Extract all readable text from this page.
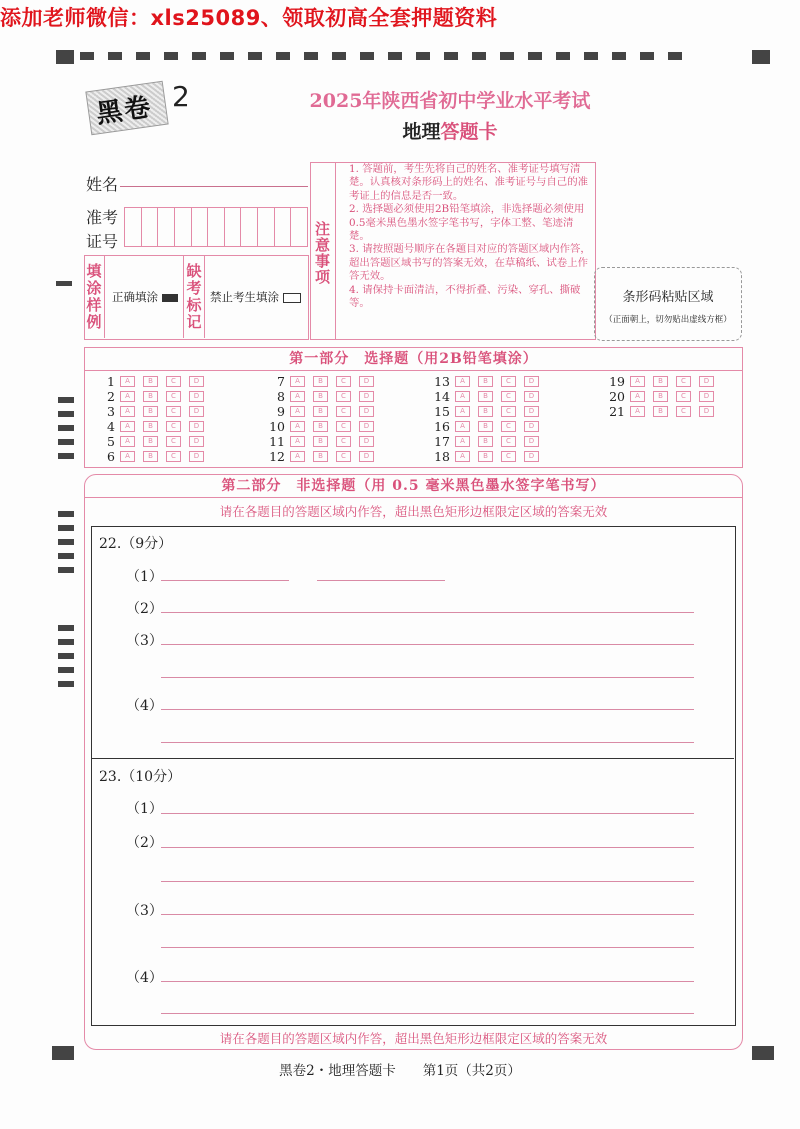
添加老师微信：xls25089、领取初高全套押题资料
黑卷 2	2025年陕西省初中学业水平考试
地理答题卡
姓名
准考
证号
填
涂
样
例
正确填涂
缺
考
标
记
禁止考生填涂
注
意
事
项
1. 答题前，考生先将自己的姓名、准考证号填写清楚。认真核对条形码上的姓名、准考证号与自己的准考证上的信息是否一致。
2. 选择题必须使用2B铅笔填涂，非选择题必须使用0.5毫米黑色墨水签字笔书写，字体工整、笔迹清楚。
3. 请按照题号顺序在各题目对应的答题区域内作答，超出答题区域书写的答案无效，在草稿纸、试卷上作答无效。
4. 请保持卡面清洁，不得折叠、污染、穿孔、撕破等。	条形码粘贴区域
（正面朝上，切勿贴出虚线方框）
第一部分　选择题（用2B铅笔填涂）
1	A	B	C	D
2	A	B	C	D
3	A	B	C	D
4	A	B	C	D
5	A	B	C	D
6	A	B	C	D
7	A	B	C	D
8	A	B	C	D
9	A	B	C	D
10	A	B	C	D
11	A	B	C	D
12	A	B	C	D
13	A	B	C	D
14	A	B	C	D
15	A	B	C	D
16	A	B	C	D
17	A	B	C	D
18	A	B	C	D
19	A	B	C	D
20	A	B	C	D
21	A	B	C	D
第二部分　非选择题（用 0.5 毫米黑色墨水签字笔书写）
请在各题目的答题区域内作答，超出黑色矩形边框限定区域的答案无效
请在各题目的答题区域内作答，超出黑色矩形边框限定区域的答案无效
22.（9分）
（1）
（2）
（3）
（4）
23.（10分）
（1）
（2）
（3）
（4）
黑卷2・地理答题卡　　第1页（共2页）
